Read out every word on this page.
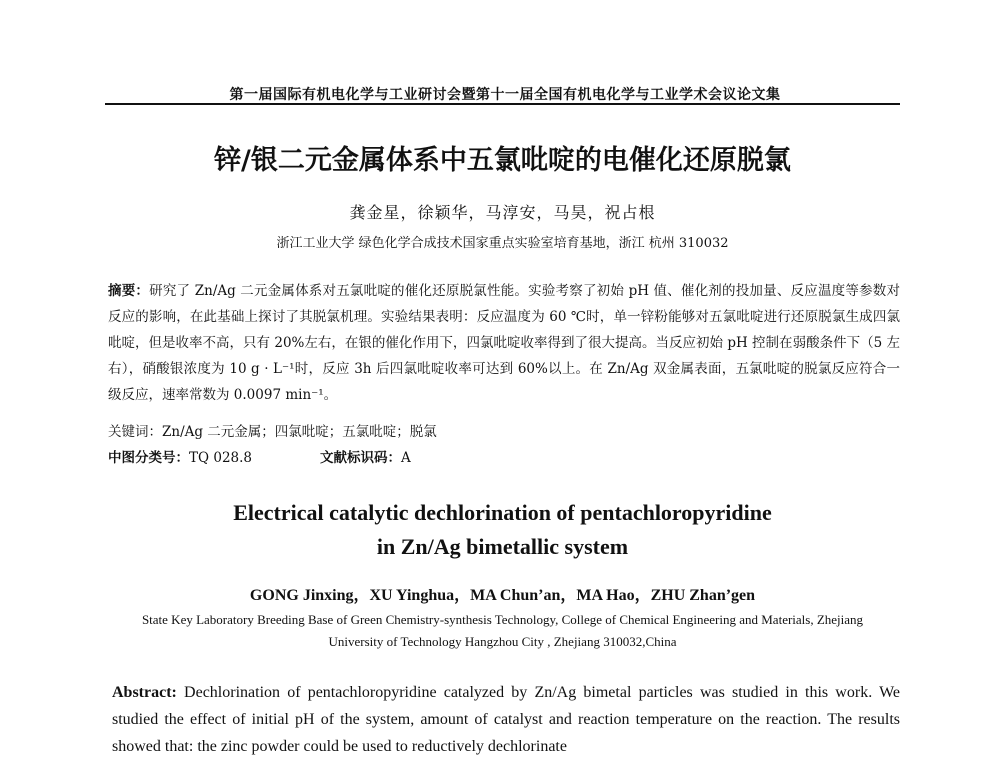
第一届国际有机电化学与工业研讨会暨第十一届全国有机电化学与工业学术会议论文集
锌/银二元金属体系中五氯吡啶的电催化还原脱氯
龚金星，徐颖华，马淳安，马昊，祝占根
浙江工业大学 绿色化学合成技术国家重点实验室培育基地，浙江 杭州 310032
摘要：研究了 Zn/Ag 二元金属体系对五氯吡啶的催化还原脱氯性能。实验考察了初始 pH 值、催化剂的投加量、反应温度等参数对反应的影响，在此基础上探讨了其脱氯机理。实验结果表明：反应温度为 60 ℃时，单一锌粉能够对五氯吡啶进行还原脱氯生成四氯吡啶，但是收率不高，只有 20%左右，在银的催化作用下，四氯吡啶收率得到了很大提高。当反应初始 pH 控制在弱酸条件下（5 左右），硝酸银浓度为 10 g · L⁻¹时，反应 3h 后四氯吡啶收率可达到 60%以上。在 Zn/Ag 双金属表面，五氯吡啶的脱氯反应符合一级反应，速率常数为 0.0097 min⁻¹。
关键词：Zn/Ag 二元金属；四氯吡啶；五氯吡啶；脱氯
中图分类号：TQ 028.8	文献标识码：A
Electrical catalytic dechlorination of pentachloropyridine
in Zn/Ag bimetallic system
GONG Jinxing，XU Yinghua，MA Chun’an，MA Hao，ZHU Zhan’gen
State Key Laboratory Breeding Base of Green Chemistry-synthesis Technology, College of Chemical Engineering and Materials, Zhejiang University of Technology Hangzhou City , Zhejiang 310032,China
Abstract: Dechlorination of pentachloropyridine catalyzed by Zn/Ag bimetal particles was studied in this work. We studied the effect of initial pH of the system, amount of catalyst and reaction temperature on the reaction. The results showed that: the zinc powder could be used to reductively dechlorinate
